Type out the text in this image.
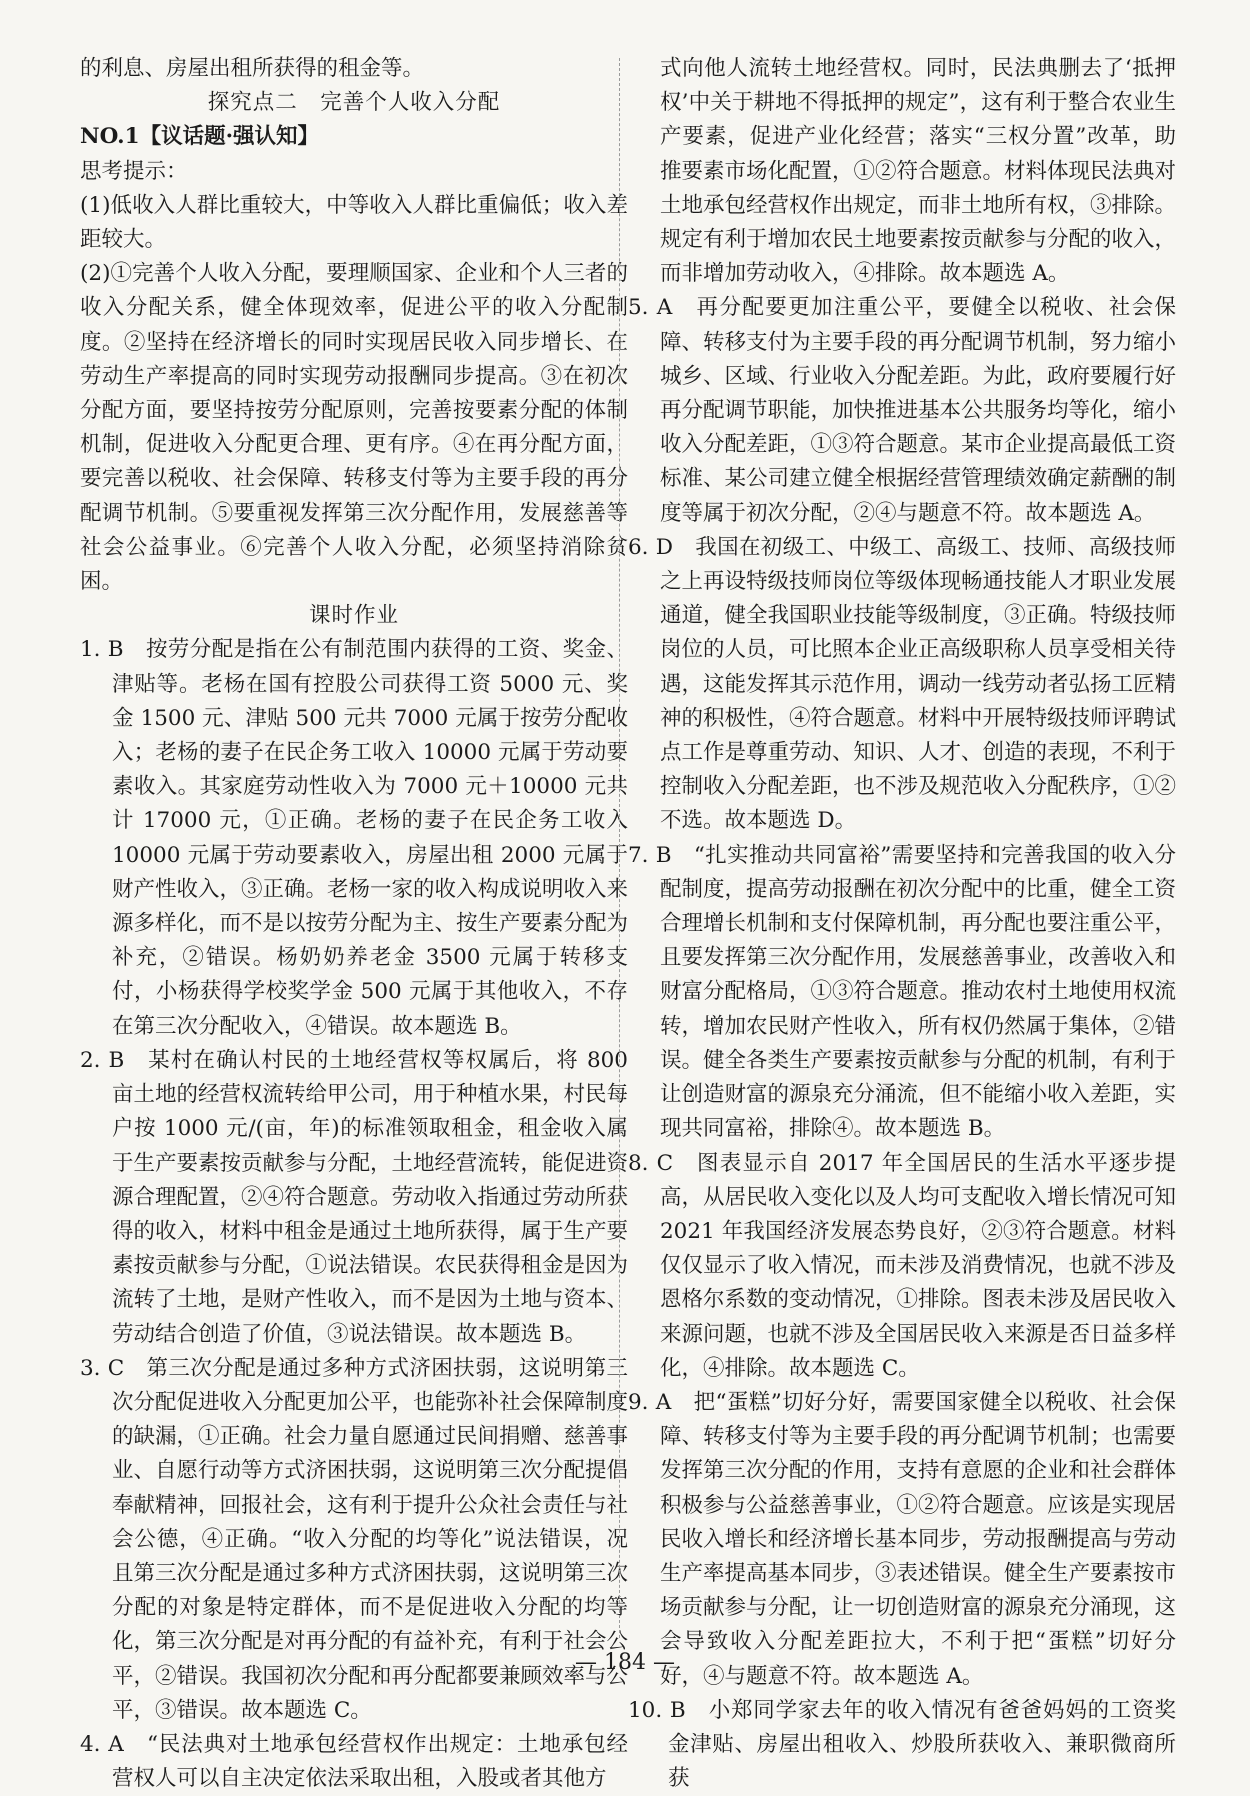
的利息、房屋出租所获得的租金等。

探究点二　完善个人收入分配

NO.1【议话题·强认知】

思考提示：

(1)低收入人群比重较大，中等收入人群比重偏低；收入差距较大。

(2)①完善个人收入分配，要理顺国家、企业和个人三者的收入分配关系，健全体现效率，促进公平的收入分配制度。②坚持在经济增长的同时实现居民收入同步增长、在劳动生产率提高的同时实现劳动报酬同步提高。③在初次分配方面，要坚持按劳分配原则，完善按要素分配的体制机制，促进收入分配更合理、更有序。④在再分配方面，要完善以税收、社会保障、转移支付等为主要手段的再分配调节机制。⑤要重视发挥第三次分配作用，发展慈善等社会公益事业。⑥完善个人收入分配，必须坚持消除贫困。

课时作业

1. B　按劳分配是指在公有制范围内获得的工资、奖金、津贴等。老杨在国有控股公司获得工资 5000 元、奖金 1500 元、津贴 500 元共 7000 元属于按劳分配收入；老杨的妻子在民企务工收入 10000 元属于劳动要素收入。其家庭劳动性收入为 7000 元＋10000 元共计 17000 元，①正确。老杨的妻子在民企务工收入 10000 元属于劳动要素收入，房屋出租 2000 元属于财产性收入，③正确。老杨一家的收入构成说明收入来源多样化，而不是以按劳分配为主、按生产要素分配为补充，②错误。杨奶奶养老金 3500 元属于转移支付，小杨获得学校奖学金 500 元属于其他收入，不存在第三次分配收入，④错误。故本题选 B。

2. B　某村在确认村民的土地经营权等权属后，将 800 亩土地的经营权流转给甲公司，用于种植水果，村民每户按 1000 元/(亩，年)的标准领取租金，租金收入属于生产要素按贡献参与分配，土地经营流转，能促进资源合理配置，②④符合题意。劳动收入指通过劳动所获得的收入，材料中租金是通过土地所获得，属于生产要素按贡献参与分配，①说法错误。农民获得租金是因为流转了土地，是财产性收入，而不是因为土地与资本、劳动结合创造了价值，③说法错误。故本题选 B。

3. C　第三次分配是通过多种方式济困扶弱，这说明第三次分配促进收入分配更加公平，也能弥补社会保障制度的缺漏，①正确。社会力量自愿通过民间捐赠、慈善事业、自愿行动等方式济困扶弱，这说明第三次分配提倡奉献精神，回报社会，这有利于提升公众社会责任与社会公德，④正确。“收入分配的均等化”说法错误，况且第三次分配是通过多种方式济困扶弱，这说明第三次分配的对象是特定群体，而不是促进收入分配的均等化，第三次分配是对再分配的有益补充，有利于社会公平，②错误。我国初次分配和再分配都要兼顾效率与公平，③错误。故本题选 C。

4. A　“民法典对土地承包经营权作出规定：土地承包经营权人可以自主决定依法采取出租，入股或者其他方

式向他人流转土地经营权。同时，民法典删去了‘抵押权’中关于耕地不得抵押的规定”，这有利于整合农业生产要素，促进产业化经营；落实“三权分置”改革，助推要素市场化配置，①②符合题意。材料体现民法典对土地承包经营权作出规定，而非土地所有权，③排除。规定有利于增加农民土地要素按贡献参与分配的收入，而非增加劳动收入，④排除。故本题选 A。

5. A　再分配要更加注重公平，要健全以税收、社会保障、转移支付为主要手段的再分配调节机制，努力缩小城乡、区域、行业收入分配差距。为此，政府要履行好再分配调节职能，加快推进基本公共服务均等化，缩小收入分配差距，①③符合题意。某市企业提高最低工资标准、某公司建立健全根据经营管理绩效确定薪酬的制度等属于初次分配，②④与题意不符。故本题选 A。

6. D　我国在初级工、中级工、高级工、技师、高级技师之上再设特级技师岗位等级体现畅通技能人才职业发展通道，健全我国职业技能等级制度，③正确。特级技师岗位的人员，可比照本企业正高级职称人员享受相关待遇，这能发挥其示范作用，调动一线劳动者弘扬工匠精神的积极性，④符合题意。材料中开展特级技师评聘试点工作是尊重劳动、知识、人才、创造的表现，不利于控制收入分配差距，也不涉及规范收入分配秩序，①②不选。故本题选 D。

7. B　“扎实推动共同富裕”需要坚持和完善我国的收入分配制度，提高劳动报酬在初次分配中的比重，健全工资合理增长机制和支付保障机制，再分配也要注重公平，且要发挥第三次分配作用，发展慈善事业，改善收入和财富分配格局，①③符合题意。推动农村土地使用权流转，增加农民财产性收入，所有权仍然属于集体，②错误。健全各类生产要素按贡献参与分配的机制，有利于让创造财富的源泉充分涌流，但不能缩小收入差距，实现共同富裕，排除④。故本题选 B。

8. C　图表显示自 2017 年全国居民的生活水平逐步提高，从居民收入变化以及人均可支配收入增长情况可知 2021 年我国经济发展态势良好，②③符合题意。材料仅仅显示了收入情况，而未涉及消费情况，也就不涉及恩格尔系数的变动情况，①排除。图表未涉及居民收入来源问题，也就不涉及全国居民收入来源是否日益多样化，④排除。故本题选 C。

9. A　把“蛋糕”切好分好，需要国家健全以税收、社会保障、转移支付等为主要手段的再分配调节机制；也需要发挥第三次分配的作用，支持有意愿的企业和社会群体积极参与公益慈善事业，①②符合题意。应该是实现居民收入增长和经济增长基本同步，劳动报酬提高与劳动生产率提高基本同步，③表述错误。健全生产要素按市场贡献参与分配，让一切创造财富的源泉充分涌现，这会导致收入分配差距拉大，不利于把“蛋糕”切好分好，④与题意不符。故本题选 A。

10. B　小郑同学家去年的收入情况有爸爸妈妈的工资奖金津贴、房屋出租收入、炒股所获收入、兼职微商所获

— 184 —
